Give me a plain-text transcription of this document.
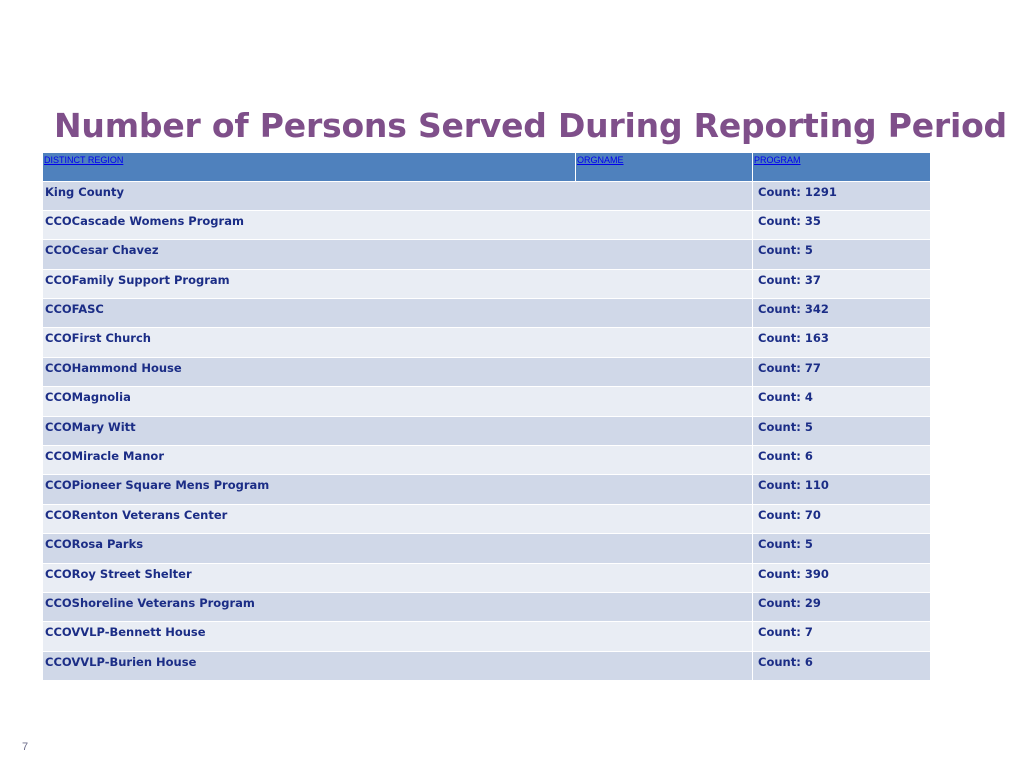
Number of Persons Served During Reporting Period
DISTINCT REGION	ORGNAME	PROGRAM
King County		Count: 1291
CCOCascade Womens Program		Count: 35
CCOCesar Chavez		Count: 5
CCOFamily Support Program		Count: 37
CCOFASC		Count: 342
CCOFirst Church		Count: 163
CCOHammond House		Count: 77
CCOMagnolia		Count: 4
CCOMary Witt		Count: 5
CCOMiracle Manor		Count: 6
CCOPioneer Square Mens Program		Count: 110
CCORenton Veterans Center		Count: 70
CCORosa Parks		Count: 5
CCORoy Street Shelter		Count: 390
CCOShoreline Veterans Program		Count: 29
CCOVVLP-Bennett House		Count: 7
CCOVVLP-Burien House		Count: 6
7
